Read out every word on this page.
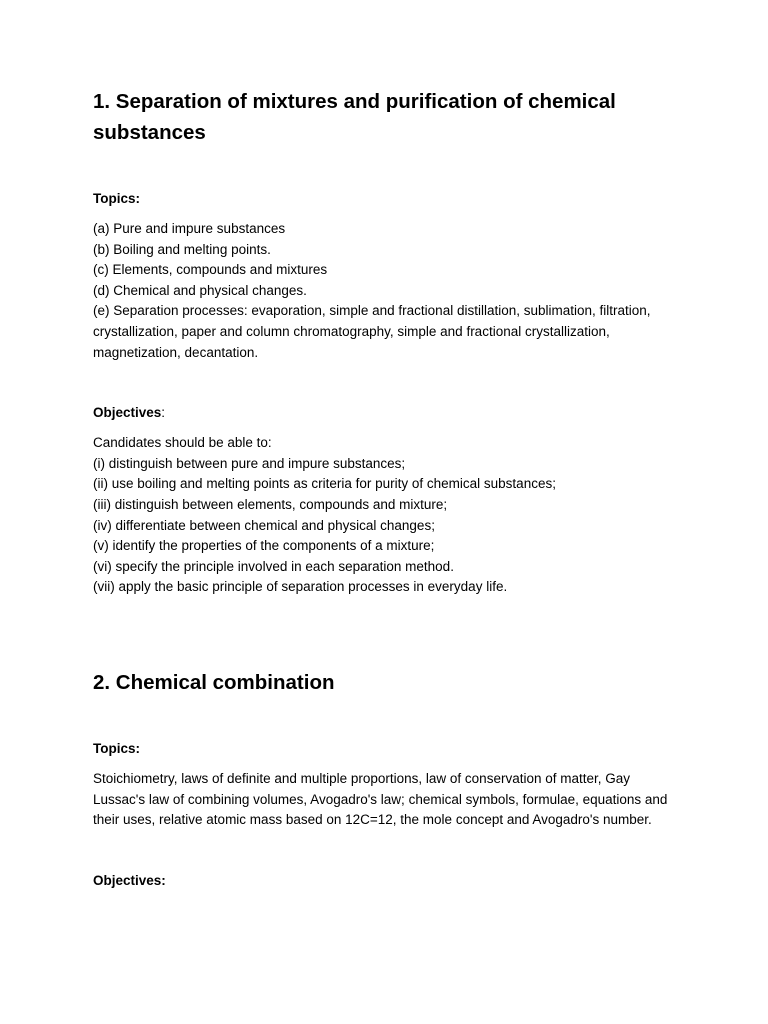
1. Separation of mixtures and purification of chemical substances

Topics:

(a) Pure and impure substances
(b) Boiling and melting points.
(c) Elements, compounds and mixtures
(d) Chemical and physical changes.
(e) Separation processes: evaporation, simple and fractional distillation, sublimation, filtration, crystallization, paper and column chromatography, simple and fractional crystallization, magnetization, decantation.

Objectives:

Candidates should be able to:
(i) distinguish between pure and impure substances;
(ii) use boiling and melting points as criteria for purity of chemical substances;
(iii) distinguish between elements, compounds and mixture;
(iv) differentiate between chemical and physical changes;
(v) identify the properties of the components of a mixture;
(vi) specify the principle involved in each separation method.
(vii) apply the basic principle of separation processes in everyday life.
2. Chemical combination

Topics:

Stoichiometry, laws of definite and multiple proportions, law of conservation of matter, Gay Lussac's law of combining volumes, Avogadro's law; chemical symbols, formulae, equations and their uses, relative atomic mass based on 12C=12, the mole concept and Avogadro's number.

Objectives:
